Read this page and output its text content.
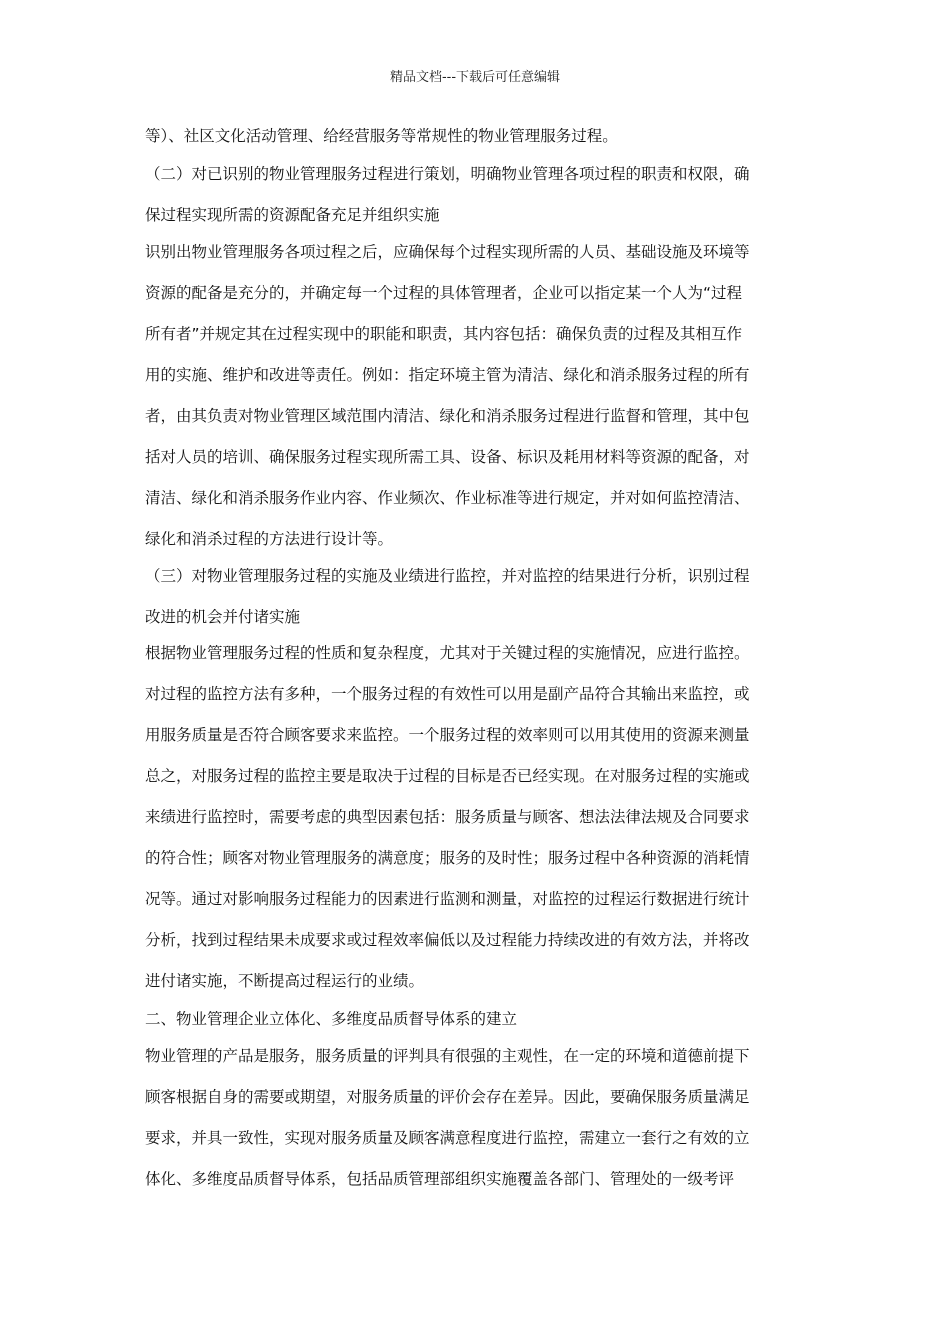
精品文档---下载后可任意编辑
等）、社区文化活动管理、给经营服务等常规性的物业管理服务过程。
（二）对已识别的物业管理服务过程进行策划，明确物业管理各项过程的职责和权限，确
保过程实现所需的资源配备充足并组织实施
识别出物业管理服务各项过程之后，应确保每个过程实现所需的人员、基础设施及环境等
资源的配备是充分的，并确定每一个过程的具体管理者，企业可以指定某一个人为“过程
所有者”并规定其在过程实现中的职能和职责，其内容包括：确保负责的过程及其相互作
用的实施、维护和改进等责任。例如：指定环境主管为清洁、绿化和消杀服务过程的所有
者，由其负责对物业管理区域范围内清洁、绿化和消杀服务过程进行监督和管理，其中包
括对人员的培训、确保服务过程实现所需工具、设备、标识及耗用材料等资源的配备，对
清洁、绿化和消杀服务作业内容、作业频次、作业标准等进行规定，并对如何监控清洁、
绿化和消杀过程的方法进行设计等。
（三）对物业管理服务过程的实施及业绩进行监控，并对监控的结果进行分析，识别过程
改进的机会并付诸实施
根据物业管理服务过程的性质和复杂程度，尤其对于关键过程的实施情况，应进行监控。
对过程的监控方法有多种，一个服务过程的有效性可以用是副产品符合其输出来监控，或
用服务质量是否符合顾客要求来监控。一个服务过程的效率则可以用其使用的资源来测量
总之，对服务过程的监控主要是取决于过程的目标是否已经实现。在对服务过程的实施或
来绩进行监控时，需要考虑的典型因素包括：服务质量与顾客、想法法律法规及合同要求
的符合性；顾客对物业管理服务的满意度；服务的及时性；服务过程中各种资源的消耗情
况等。通过对影响服务过程能力的因素进行监测和测量，对监控的过程运行数据进行统计
分析，找到过程结果未成要求或过程效率偏低以及过程能力持续改进的有效方法，并将改
进付诸实施，不断提高过程运行的业绩。
二、物业管理企业立体化、多维度品质督导体系的建立
物业管理的产品是服务，服务质量的评判具有很强的主观性，在一定的环境和道德前提下
顾客根据自身的需要或期望，对服务质量的评价会存在差异。因此，要确保服务质量满足
要求，并具一致性，实现对服务质量及顾客满意程度进行监控，需建立一套行之有效的立
体化、多维度品质督导体系，包括品质管理部组织实施覆盖各部门、管理处的一级考评
